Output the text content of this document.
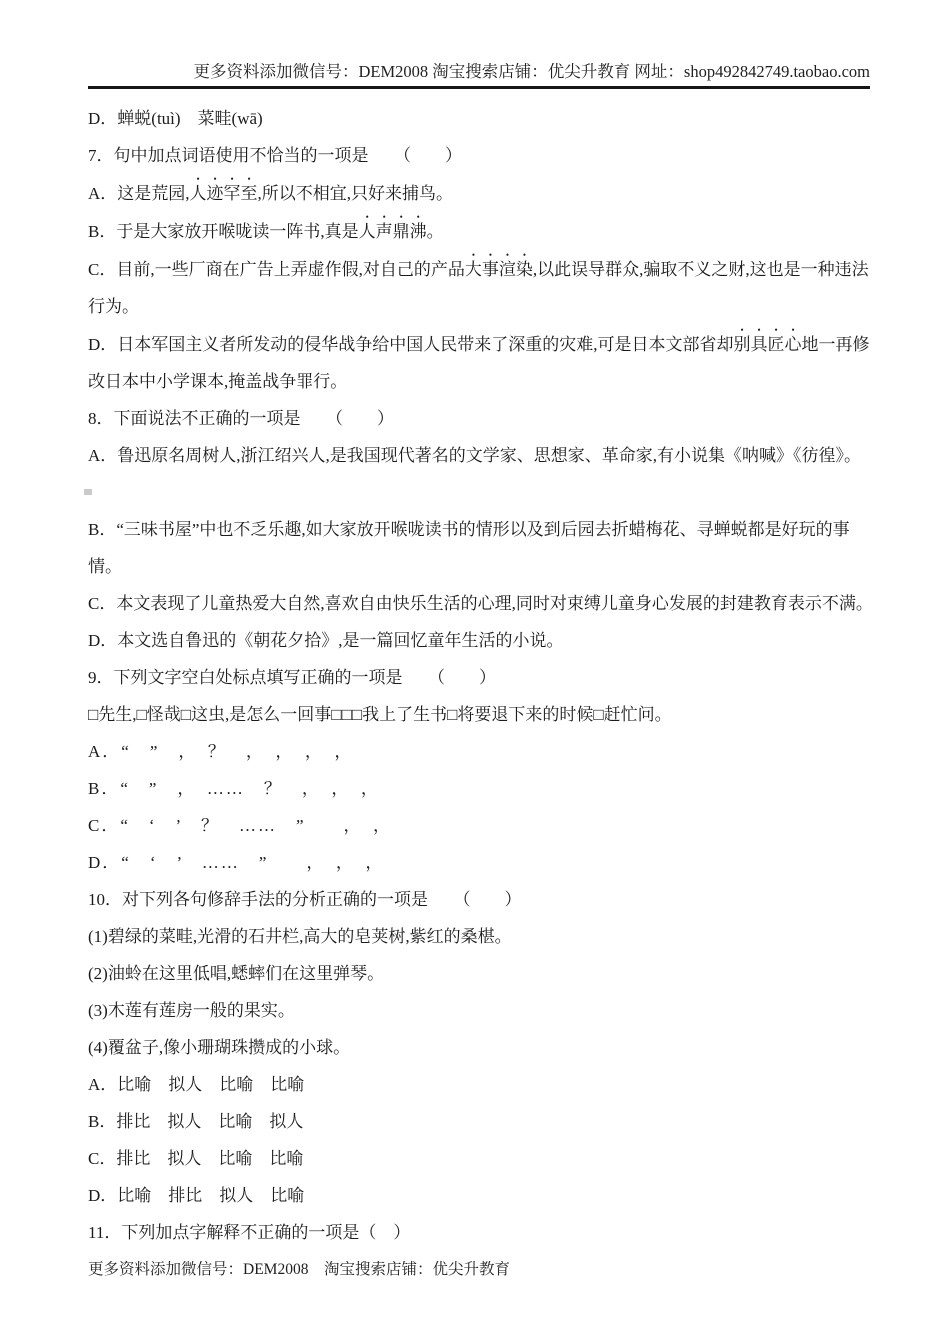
更多资料添加微信号：DEM2008 淘宝搜索店铺：优尖升教育 网址：shop492842749.taobao.com
D．蝉蜕(tuì)　菜畦(wā)
7．句中加点词语使用不恰当的一项是　　（　　）
A．这是荒园,人迹罕至,所以不相宜,只好来捕鸟。
B．于是大家放开喉咙读一阵书,真是人声鼎沸。
C．目前,一些厂商在广告上弄虚作假,对自己的产品大事渲染,以此误导群众,骗取不义之财,这也是一种违法行为。
D．日本军国主义者所发动的侵华战争给中国人民带来了深重的灾难,可是日本文部省却别具匠心地一再修改日本中小学课本,掩盖战争罪行。
8．下面说法不正确的一项是　　（　　）
A．鲁迅原名周树人,浙江绍兴人,是我国现代著名的文学家、思想家、革命家,有小说集《呐喊》《彷徨》。
B．“三味书屋”中也不乏乐趣,如大家放开喉咙读书的情形以及到后园去折蜡梅花、寻蝉蜕都是好玩的事情。
C．本文表现了儿童热爱大自然,喜欢自由快乐生活的心理,同时对束缚儿童身心发展的封建教育表示不满。
D．本文选自鲁迅的《朝花夕拾》,是一篇回忆童年生活的小说。
9．下列文字空白处标点填写正确的一项是　　（　　）
□先生,□怪哉□这虫,是怎么一回事□□□我上了生书□将要退下来的时候□赶忙问。
A．“　”　，　？　，　，　，　，
B．“　”　，　……　？　，　，　，
C．“　‘　’　？　……　”　　，　，
D．“　‘　’　……　”　　，　，　，
10．对下列各句修辞手法的分析正确的一项是　　（　　）
(1)碧绿的菜畦,光滑的石井栏,高大的皂荚树,紫红的桑椹。
(2)油蛉在这里低唱,蟋蟀们在这里弹琴。
(3)木莲有莲房一般的果实。
(4)覆盆子,像小珊瑚珠攒成的小球。
A．比喻　拟人　比喻　比喻
B．排比　拟人　比喻　拟人
C．排比　拟人　比喻　比喻
D．比喻　排比　拟人　比喻
11．下列加点字解释不正确的一项是（　）
更多资料添加微信号：DEM2008　淘宝搜索店铺：优尖升教育
